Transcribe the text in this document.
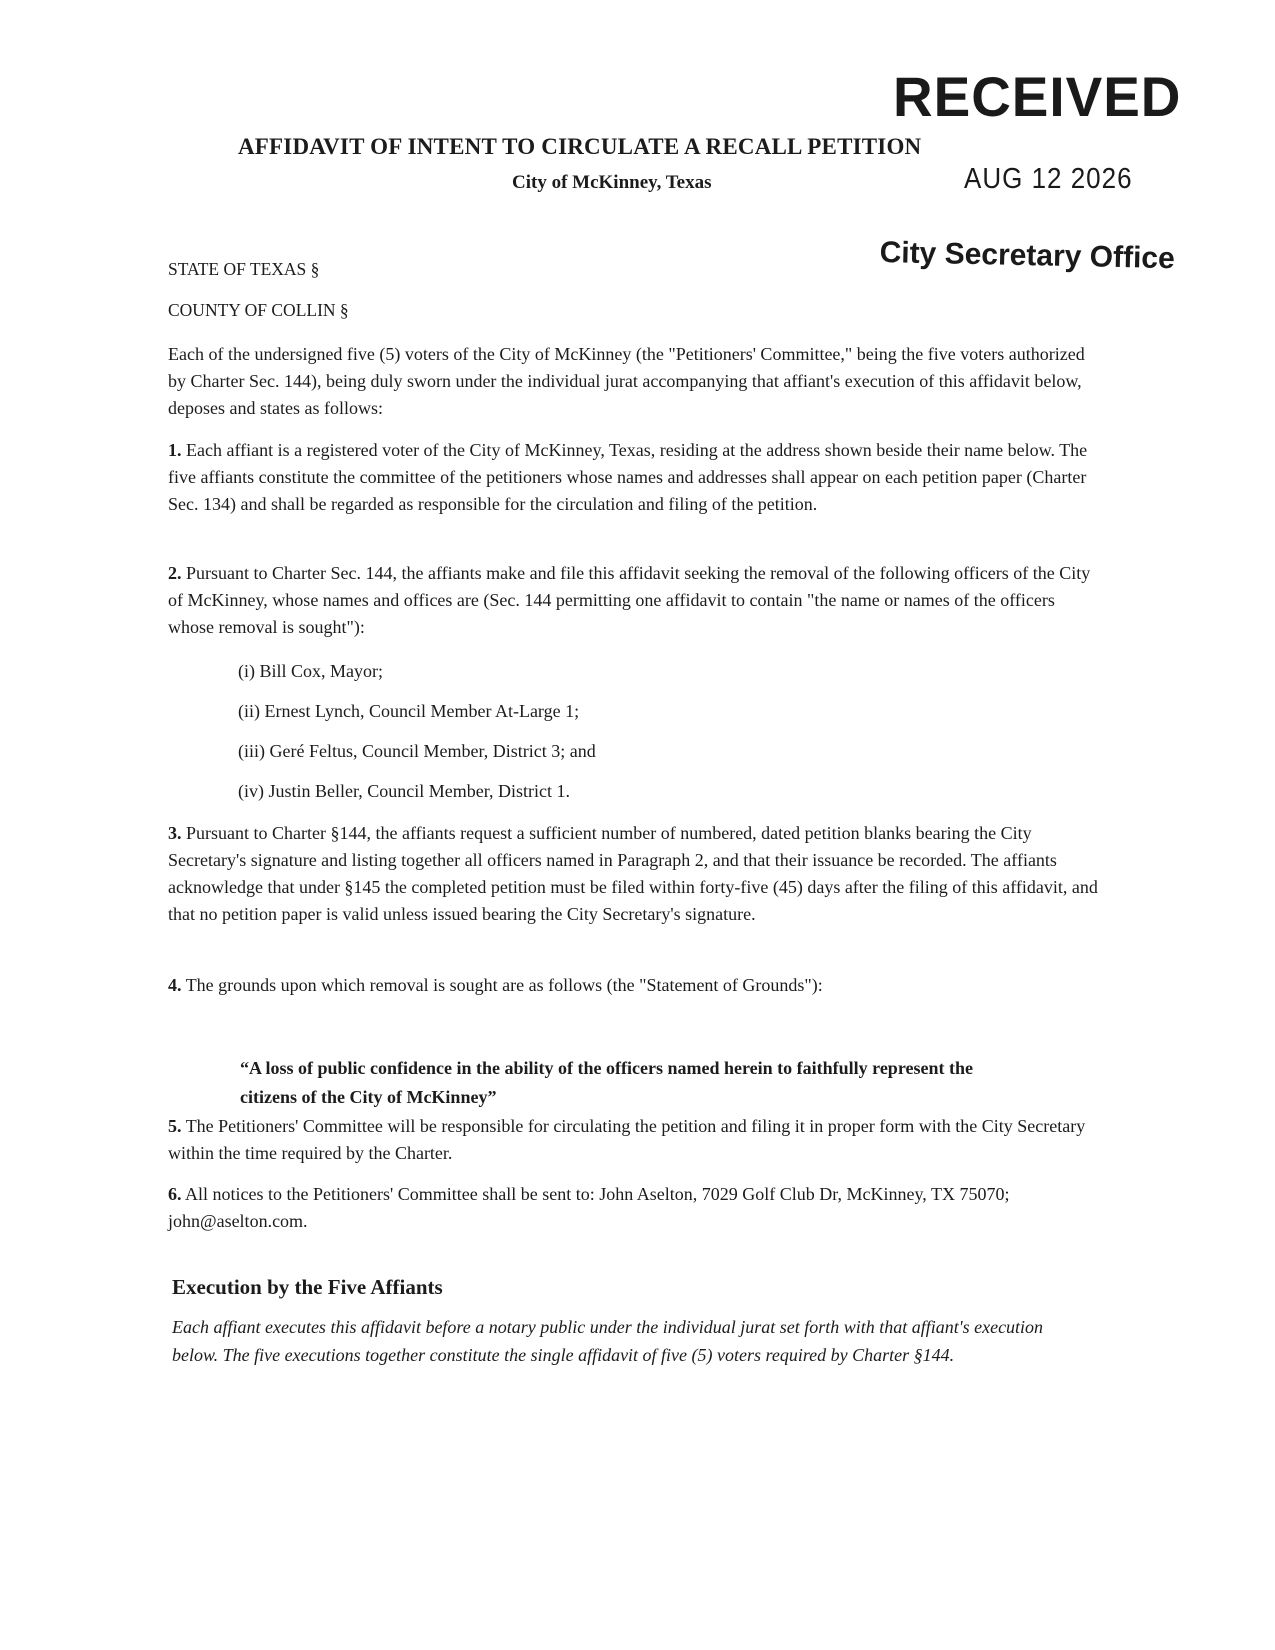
RECEIVED
AFFIDAVIT OF INTENT TO CIRCULATE A RECALL PETITION
City of McKinney, Texas	AUG 12 2026
City Secretary Office
STATE OF TEXAS §
COUNTY OF COLLIN §
Each of the undersigned five (5) voters of the City of McKinney (the "Petitioners' Committee," being the five voters authorized by Charter Sec. 144), being duly sworn under the individual jurat accompanying that affiant's execution of this affidavit below, deposes and states as follows:
1. Each affiant is a registered voter of the City of McKinney, Texas, residing at the address shown beside their name below. The five affiants constitute the committee of the petitioners whose names and addresses shall appear on each petition paper (Charter Sec. 134) and shall be regarded as responsible for the circulation and filing of the petition.
2. Pursuant to Charter Sec. 144, the affiants make and file this affidavit seeking the removal of the following officers of the City of McKinney, whose names and offices are (Sec. 144 permitting one affidavit to contain "the name or names of the officers whose removal is sought"):
(i) Bill Cox, Mayor;
(ii) Ernest Lynch, Council Member At-Large 1;
(iii) Geré Feltus, Council Member, District 3; and
(iv) Justin Beller, Council Member, District 1.
3. Pursuant to Charter §144, the affiants request a sufficient number of numbered, dated petition blanks bearing the City Secretary's signature and listing together all officers named in Paragraph 2, and that their issuance be recorded. The affiants acknowledge that under §145 the completed petition must be filed within forty-five (45) days after the filing of this affidavit, and that no petition paper is valid unless issued bearing the City Secretary's signature.
4. The grounds upon which removal is sought are as follows (the "Statement of Grounds"):
“A loss of public confidence in the ability of the officers named herein to faithfully represent the citizens of the City of McKinney”
5. The Petitioners' Committee will be responsible for circulating the petition and filing it in proper form with the City Secretary within the time required by the Charter.
6. All notices to the Petitioners' Committee shall be sent to: John Aselton, 7029 Golf Club Dr, McKinney, TX 75070; john@aselton.com.
Execution by the Five Affiants
Each affiant executes this affidavit before a notary public under the individual jurat set forth with that affiant's execution below. The five executions together constitute the single affidavit of five (5) voters required by Charter §144.
